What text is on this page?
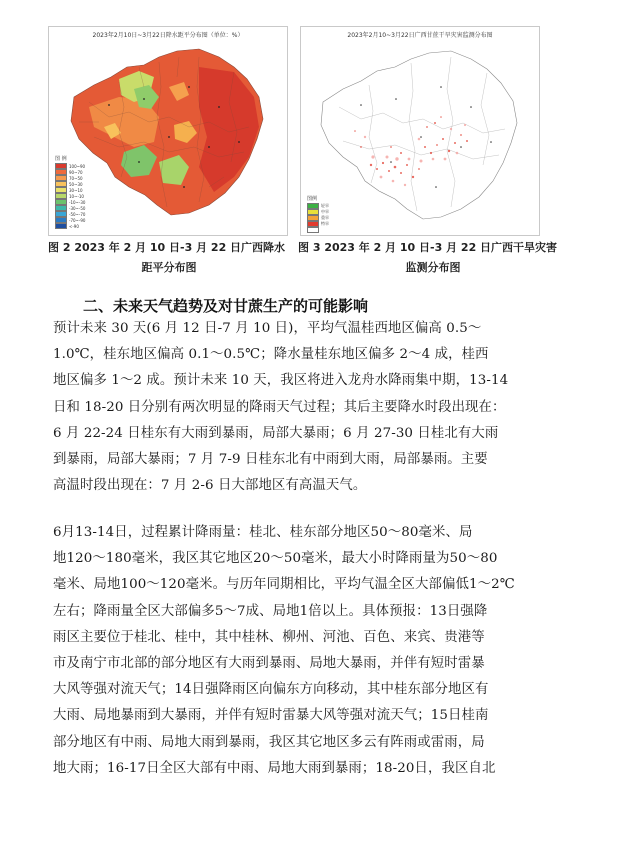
2023年2月10日~3月22日降水距平分布图（单位：%）
图 例
100~90
90~70
70~50
50~30
30~10
10~-10
-10~-30
-30~-50
-50~-70
-70~-90
<-90
2023年2月10~3月22日广西甘蔗干旱灾害监测分布图
图例
轻旱
中旱
重旱
特旱
图 2 2023 年 2 月 10 日-3 月 22 日广西降水
距平分布图
图 3 2023 年 2 月 10 日-3 月 22 日广西干旱灾害
监测分布图
二、未来天气趋势及对甘蔗生产的可能影响
预计未来 30 天(6 月 12 日-7 月 10 日)，平均气温桂西地区偏高 0.5～
1.0℃，桂东地区偏高 0.1～0.5℃；降水量桂东地区偏多 2～4 成，桂西
地区偏多 1～2 成。预计未来 10 天，我区将进入龙舟水降雨集中期，13-14
日和 18-20 日分别有两次明显的降雨天气过程；其后主要降水时段出现在：
6 月 22-24 日桂东有大雨到暴雨，局部大暴雨；6 月 27-30 日桂北有大雨
到暴雨，局部大暴雨；7 月 7-9 日桂东北有中雨到大雨，局部暴雨。主要
高温时段出现在：7 月 2-6 日大部地区有高温天气。
6月13-14日，过程累计降雨量：桂北、桂东部分地区50～80毫米、局
地120～180毫米，我区其它地区20～50毫米，最大小时降雨量为50～80
毫米、局地100～120毫米。与历年同期相比，平均气温全区大部偏低1～2℃
左右；降雨量全区大部偏多5～7成、局地1倍以上。具体预报：13日强降
雨区主要位于桂北、桂中，其中桂林、柳州、河池、百色、来宾、贵港等
市及南宁市北部的部分地区有大雨到暴雨、局地大暴雨，并伴有短时雷暴
大风等强对流天气；14日强降雨区向偏东方向移动，其中桂东部分地区有
大雨、局地暴雨到大暴雨，并伴有短时雷暴大风等强对流天气；15日桂南
部分地区有中雨、局地大雨到暴雨，我区其它地区多云有阵雨或雷雨，局
地大雨；16-17日全区大部有中雨、局地大雨到暴雨；18-20日，我区自北
